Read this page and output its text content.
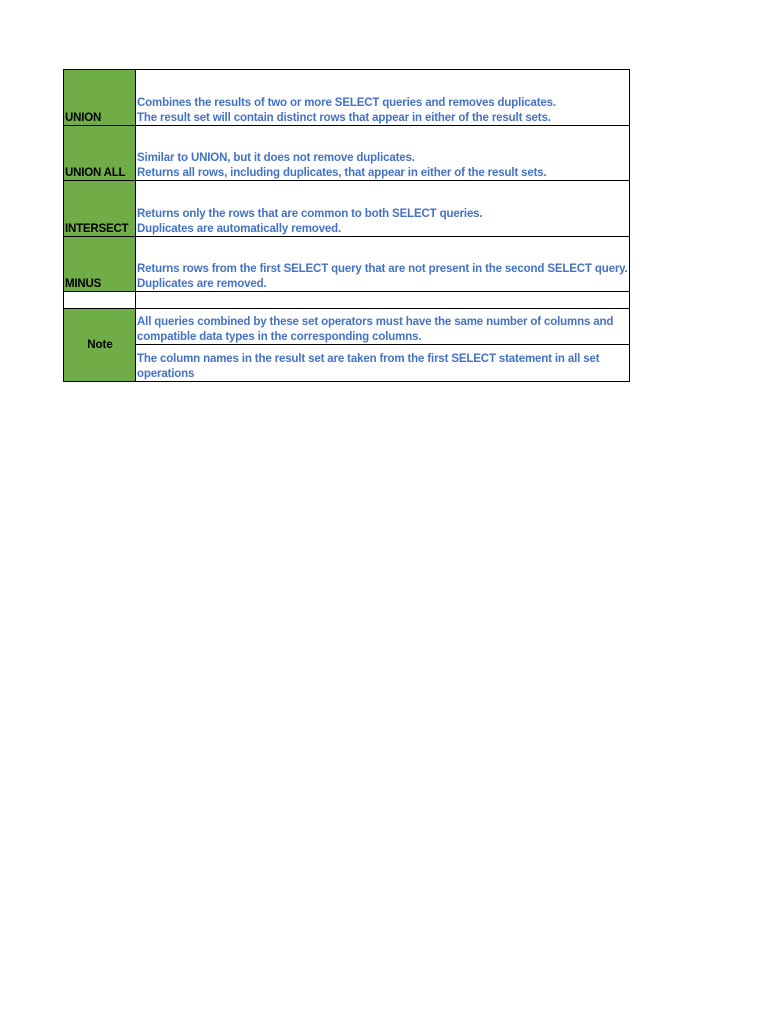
UNION	Combines the results of two or more SELECT queries and removes duplicates.
The result set will contain distinct rows that appear in either of the result sets.

UNION ALL	Similar to UNION, but it does not remove duplicates.
Returns all rows, including duplicates, that appear in either of the result sets.

INTERSECT	Returns only the rows that are common to both SELECT queries.
Duplicates are automatically removed.

MINUS	Returns rows from the first SELECT query that are not present in the second SELECT query.
Duplicates are removed.

Note	All queries combined by these set operators must have the same number of columns and compatible data types in the corresponding columns.

	The column names in the result set are taken from the first SELECT statement in all set operations
